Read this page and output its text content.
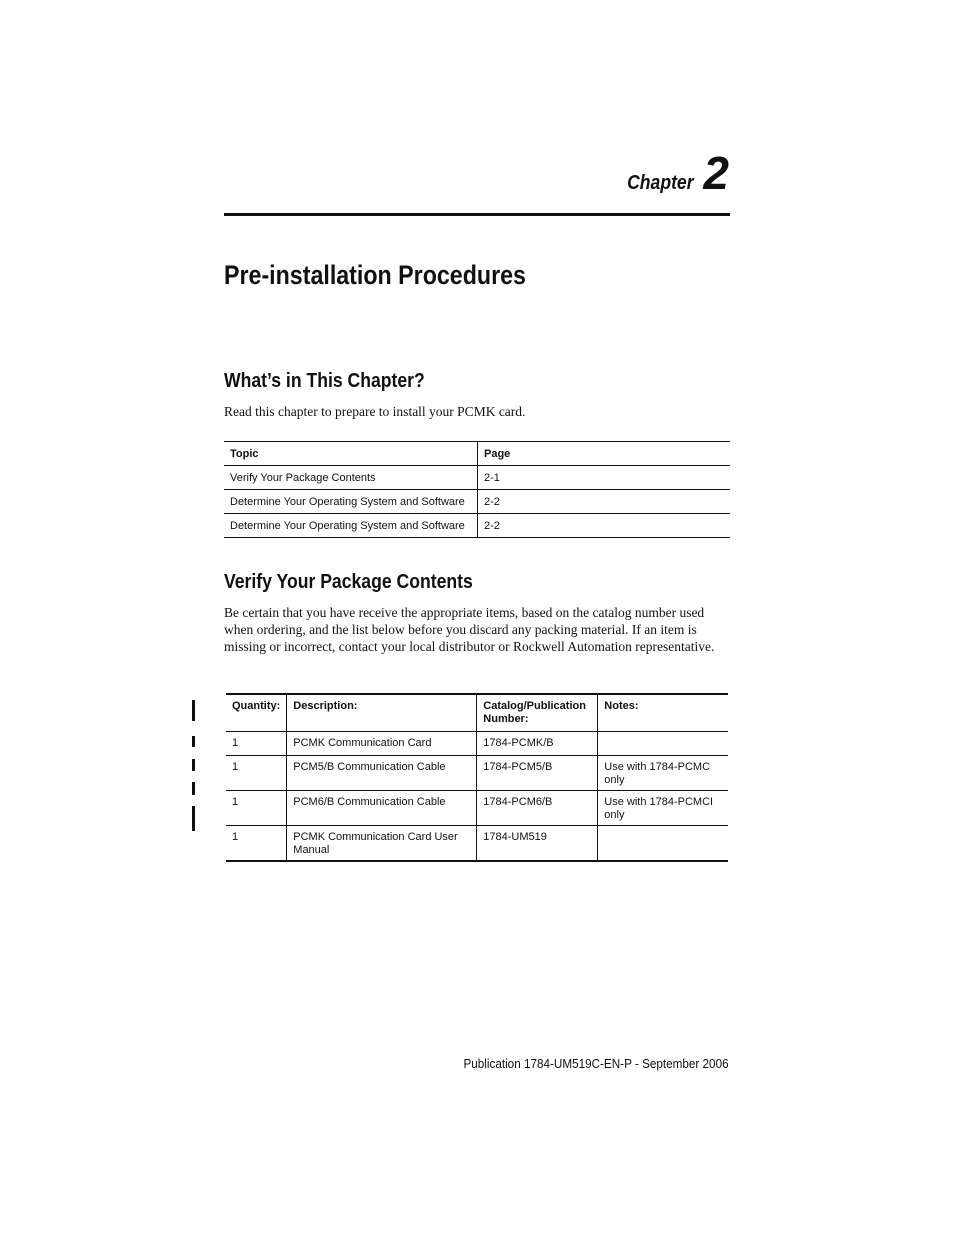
Chapter 2
Pre-installation Procedures
What’s in This Chapter?

Read this chapter to prepare to install your PCMK card.

Topic	Page
Verify Your Package Contents	2-1
Determine Your Operating System and Software	2-2
Determine Your Operating System and Software	2-2
Verify Your Package Contents

Be certain that you have receive the appropriate items, based on the catalog number used when ordering, and the list below before you discard any packing material. If an item is missing or incorrect, contact your local distributor or Rockwell Automation representative.

Quantity:	Description:	Catalog/Publication Number:	Notes:
1	PCMK Communication Card	1784-PCMK/B	
1	PCM5/B Communication Cable	1784-PCM5/B	Use with 1784-PCMC only
1	PCM6/B Communication Cable	1784-PCM6/B	Use with 1784-PCMCI only
1	PCMK Communication Card User Manual	1784-UM519	
Publication 1784-UM519C-EN-P - September 2006
